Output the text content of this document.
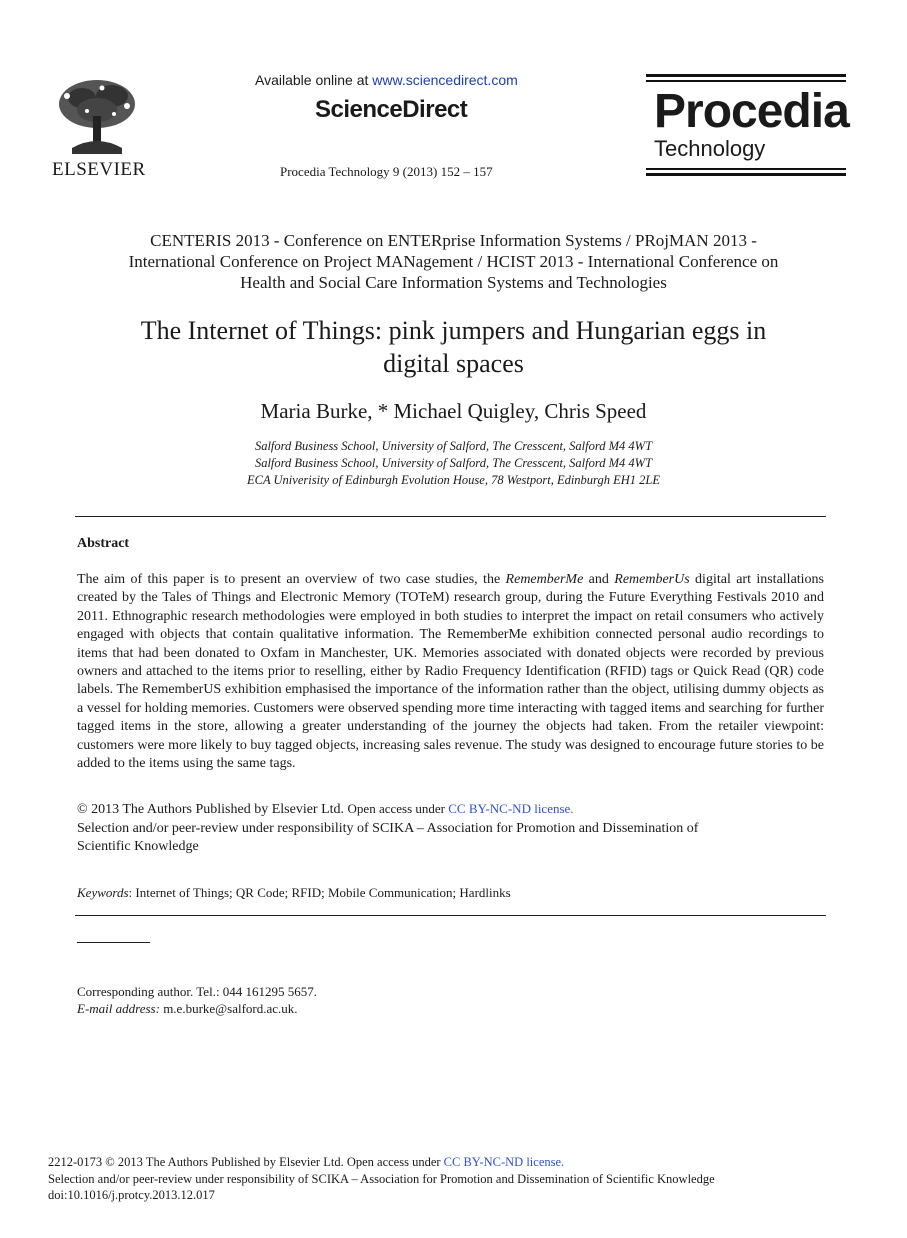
ELSEVIER
Available online at www.sciencedirect.com
ScienceDirect
Procedia Technology 9 (2013) 152 – 157
Procedia
Technology
CENTERIS 2013 - Conference on ENTERprise Information Systems / PRojMAN 2013 -
International Conference on Project MANagement / HCIST 2013 - International Conference on
Health and Social Care Information Systems and Technologies
The Internet of Things: pink jumpers and Hungarian eggs in
digital spaces
Maria Burke, * Michael Quigley, Chris Speed
Salford Business School, University of Salford, The Cresscent, Salford M4 4WT
Salford Business School, University of Salford, The Cresscent, Salford M4 4WT
ECA Univerisity of Edinburgh Evolution House, 78 Westport, Edinburgh EH1 2LE
Abstract
The aim of this paper is to present an overview of two case studies, the RememberMe and RememberUs digital art installations created by the Tales of Things and Electronic Memory (TOTeM) research group, during the Future Everything Festivals 2010 and 2011. Ethnographic research methodologies were employed in both studies to interpret the impact on retail consumers who actively engaged with objects that contain qualitative information. The RememberMe exhibition connected personal audio recordings to items that had been donated to Oxfam in Manchester, UK. Memories associated with donated objects were recorded by previous owners and attached to the items prior to reselling, either by Radio Frequency Identification (RFID) tags or Quick Read (QR) code labels. The RememberUS exhibition emphasised the importance of the information rather than the object, utilising dummy objects as a vessel for holding memories. Customers were observed spending more time interacting with tagged items and searching for further tagged items in the store, allowing a greater understanding of the journey the objects had taken. From the retailer viewpoint: customers were more likely to buy tagged objects, increasing sales revenue. The study was designed to encourage future stories to be added to the items using the same tags.
© 2013 The Authors Published by Elsevier Ltd. Open access under CC BY-NC-ND license.
Selection and/or peer-review under responsibility of SCIKA – Association for Promotion and Dissemination of
Scientific Knowledge
Keywords: Internet of Things; QR Code; RFID; Mobile Communication; Hardlinks
Corresponding author. Tel.: 044 161295 5657.
E-mail address: m.e.burke@salford.ac.uk.
2212-0173 © 2013 The Authors Published by Elsevier Ltd. Open access under CC BY-NC-ND license.
Selection and/or peer-review under responsibility of SCIKA – Association for Promotion and Dissemination of Scientific Knowledge
doi:10.1016/j.protcy.2013.12.017
